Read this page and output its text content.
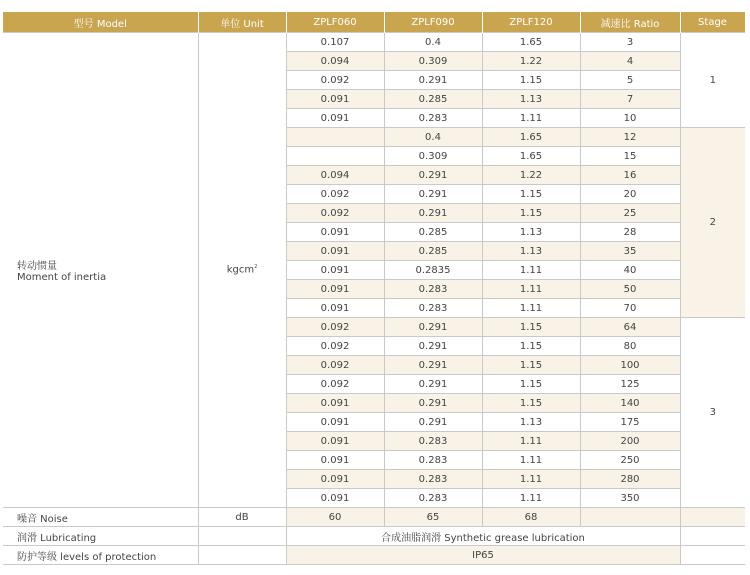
型号 Model	单位 Unit	ZPLF060	ZPLF090	ZPLF120	减速比 Ratio	Stage

转动惯量
Moment of inertia	kgcm$^2$	0.107	0.4	1.65	3	1
		0.094	0.309	1.22	4	
		0.092	0.291	1.15	5	
		0.091	0.285	1.13	7	
		0.091	0.283	1.11	10	
			0.4	1.65	12	2
			0.309	1.65	15	
		0.094	0.291	1.22	16	
		0.092	0.291	1.15	20	
		0.092	0.291	1.15	25	
		0.091	0.285	1.13	28	
		0.091	0.285	1.13	35	
		0.091	0.2835	1.11	40	
		0.091	0.283	1.11	50	
		0.091	0.283	1.11	70	
		0.092	0.291	1.15	64	3
		0.092	0.291	1.15	80	
		0.092	0.291	1.15	100	
		0.092	0.291	1.15	125	
		0.091	0.291	1.15	140	
		0.091	0.291	1.13	175	
		0.091	0.283	1.11	200	
		0.091	0.283	1.11	250	
		0.091	0.283	1.11	280	
		0.091	0.283	1.11	350	
噪音 Noise	dB	60	65	68		
润滑 Lubricating		合成油脂润滑 Synthetic grease lubrication				
防护等级 levels of protection		IP65				
